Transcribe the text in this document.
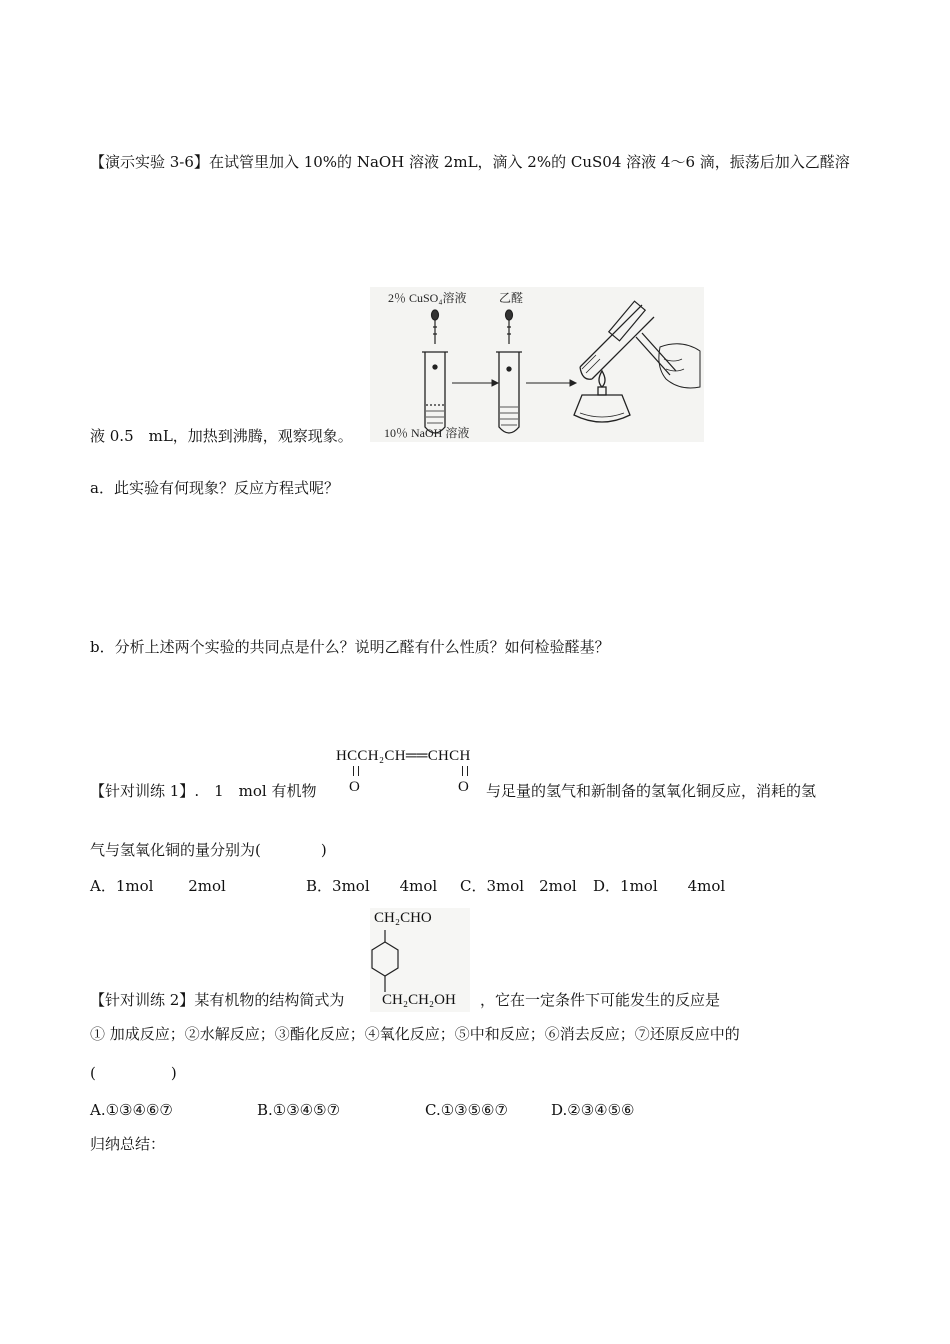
【演示实验 3-6】在试管里加入 10%的 NaOH 溶液 2mL，滴入 2%的 CuS04 溶液 4～6 滴，振荡后加入乙醛溶
2％ CuSO₄溶液	乙醛
10％ NaOH 溶液
液 0.5　mL，加热到沸腾，观察现象。
a．此实验有何现象？反应方程式呢？
b．分析上述两个实验的共同点是什么？说明乙醛有什么性质？如何检验醛基？
【针对训练 1】.　1　mol 有机物
HCCH₂CH══CHCH
O	O 与足量的氢气和新制备的氢氧化铜反应，消耗的氢
气与氢氧化铜的量分别为(　　　　)
A．1mol　　 2mol	B．3mol　　4mol C．3mol　2mol D．1mol　　4mol
CH₂CHO
CH₂CH₂OH
【针对训练 2】某有机物的结构简式为	，它在一定条件下可能发生的反应是
① 加成反应；②水解反应；③酯化反应；④氧化反应；⑤中和反应；⑥消去反应；⑦还原反应中的
(　　　　　)
A.①③④⑥⑦	B.①③④⑤⑦	C.①③⑤⑥⑦	D.②③④⑤⑥
归纳总结：
